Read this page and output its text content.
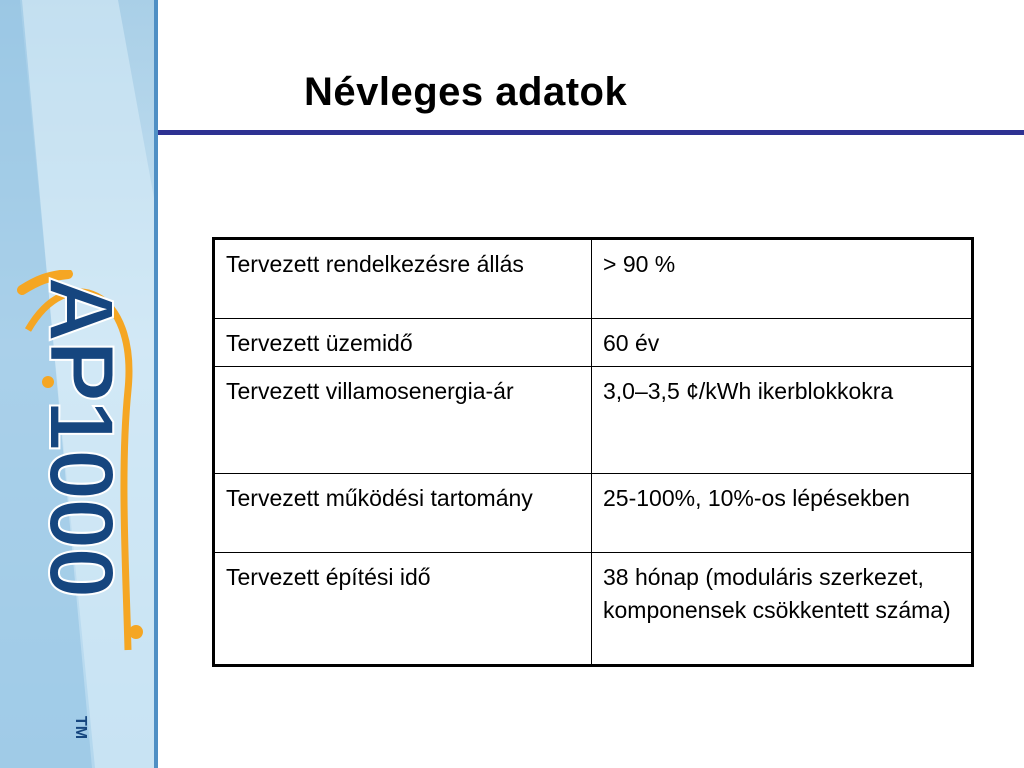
AP1000
TM
Névleges adatok
Tervezett rendelkezésre állás	> 90 %
Tervezett üzemidő	60 év
Tervezett villamosenergia-ár	3,0–3,5 ¢/kWh ikerblokkokra
Tervezett működési tartomány	25-100%, 10%-os lépésekben
Tervezett építési idő	38 hónap (moduláris szerkezet, komponensek csökkentett száma)
